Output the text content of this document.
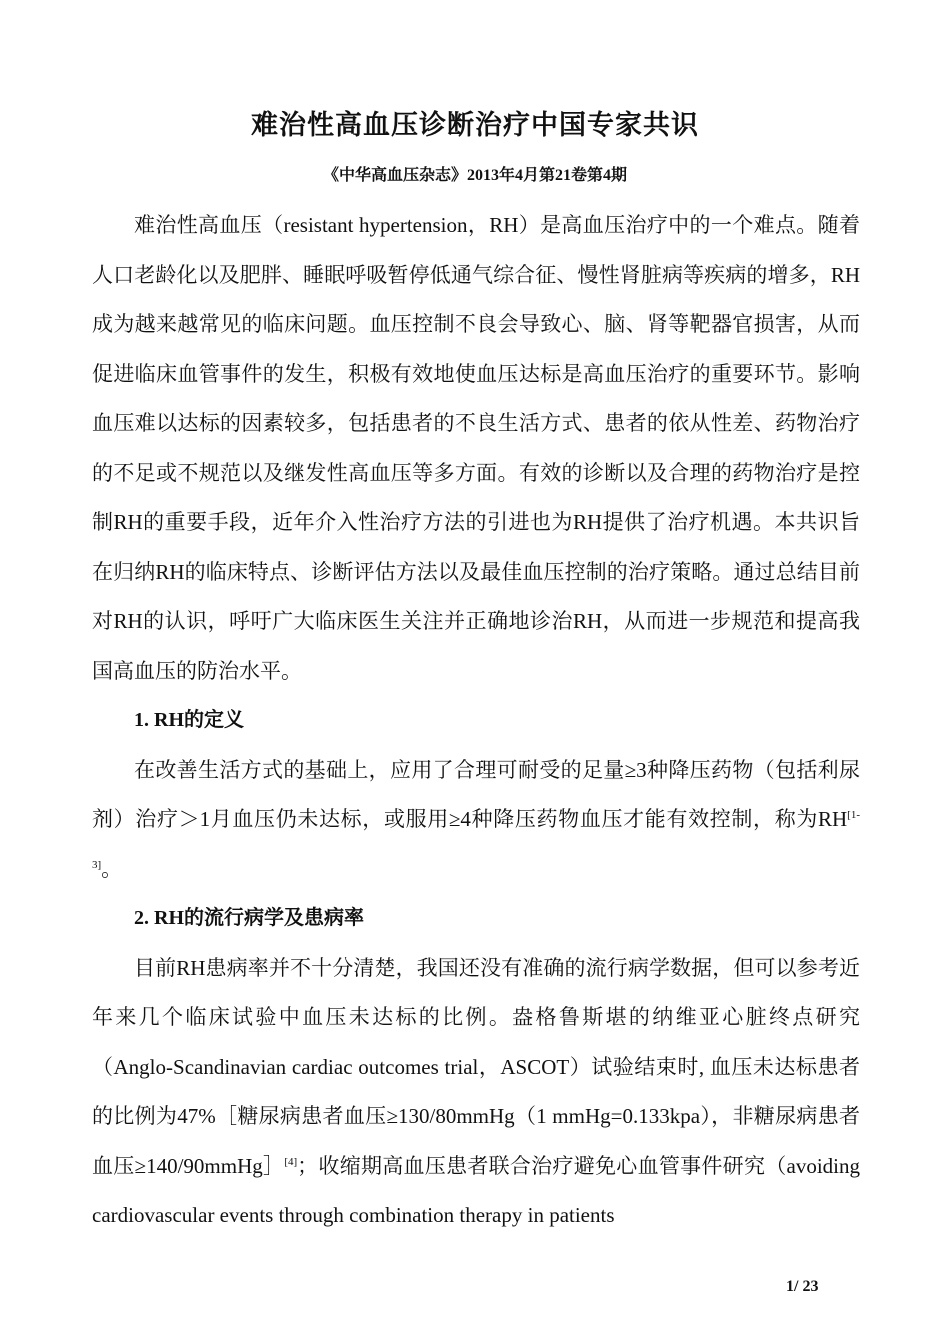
难治性高血压诊断治疗中国专家共识
《中华高血压杂志》2013年4月第21卷第4期

难治性高血压（resistant hypertension，RH）是高血压治疗中的一个难点。随着人口老龄化以及肥胖、睡眠呼吸暂停低通气综合征、慢性肾脏病等疾病的增多，RH成为越来越常见的临床问题。血压控制不良会导致心、脑、肾等靶器官损害，从而促进临床血管事件的发生，积极有效地使血压达标是高血压治疗的重要环节。影响血压难以达标的因素较多，包括患者的不良生活方式、患者的依从性差、药物治疗的不足或不规范以及继发性高血压等多方面。有效的诊断以及合理的药物治疗是控制RH的重要手段，近年介入性治疗方法的引进也为RH提供了治疗机遇。本共识旨在归纳RH的临床特点、诊断评估方法以及最佳血压控制的治疗策略。通过总结目前对RH的认识，呼吁广大临床医生关注并正确地诊治RH，从而进一步规范和提高我国高血压的防治水平。

1. RH的定义

在改善生活方式的基础上，应用了合理可耐受的足量≥3种降压药物（包括利尿剂）治疗＞1月血压仍未达标，或服用≥4种降压药物血压才能有效控制，称为RH[1-3]。

2. RH的流行病学及患病率

目前RH患病率并不十分清楚，我国还没有准确的流行病学数据，但可以参考近年来几个临床试验中血压未达标的比例。盎格鲁斯堪的纳维亚心脏终点研究（Anglo-Scandinavian cardiac outcomes trial，ASCOT）试验结束时, 血压未达标患者的比例为47%［糖尿病患者血压≥130/80mmHg（1 mmHg=0.133kpa），非糖尿病患者血压≥140/90mmHg］[4]；收缩期高血压患者联合治疗避免心血管事件研究（avoiding cardiovascular events through combination therapy in patients

1/ 23
